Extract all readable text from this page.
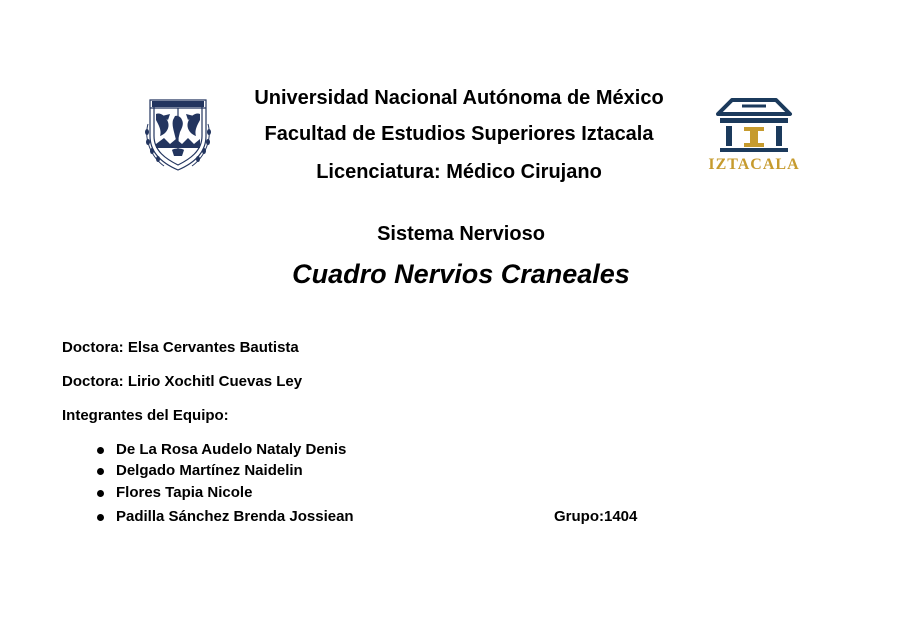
IZTACALA
Universidad Nacional Autónoma de México
Facultad de Estudios Superiores Iztacala
Licenciatura: Médico Cirujano
Sistema Nervioso
Cuadro Nervios Craneales
Doctora: Elsa Cervantes Bautista
Doctora: Lirio Xochitl Cuevas Ley
Integrantes del Equipo:
De La Rosa Audelo Nataly Denis
Delgado Martínez Naidelin
Flores Tapia Nicole
Padilla Sánchez Brenda Jossiean	Grupo:1404
